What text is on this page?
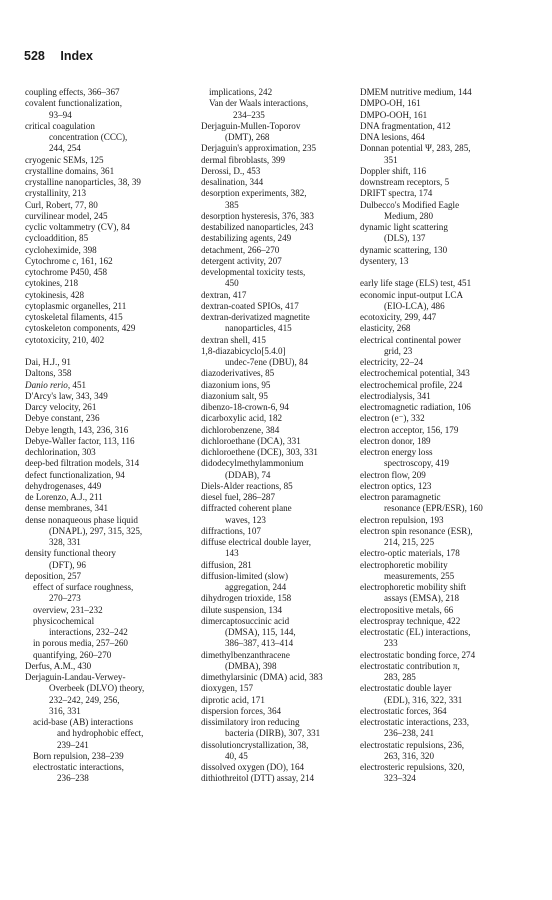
528 Index
coupling effects, 366–367
covalent functionalization,
93–94
critical coagulation
concentration (CCC),
244, 254
cryogenic SEMs, 125
crystalline domains, 361
crystalline nanoparticles, 38, 39
crystallinity, 213
Curl, Robert, 77, 80
curvilinear model, 245
cyclic voltammetry (CV), 84
cycloaddition, 85
cycloheximide, 398
Cytochrome c, 161, 162
cytochrome P450, 458
cytokines, 218
cytokinesis, 428
cytoplasmic organelles, 211
cytoskeletal filaments, 415
cytoskeleton components, 429
cytotoxicity, 210, 402
Dai, H.J., 91
Daltons, 358
Danio rerio, 451
D'Arcy's law, 343, 349
Darcy velocity, 261
Debye constant, 236
Debye length, 143, 236, 316
Debye-Waller factor, 113, 116
dechlorination, 303
deep-bed filtration models, 314
defect functionalization, 94
dehydrogenases, 449
de Lorenzo, A.J., 211
dense membranes, 341
dense nonaqueous phase liquid
(DNAPL), 297, 315, 325,
328, 331
density functional theory
(DFT), 96
deposition, 257
effect of surface roughness,
270–273
overview, 231–232
physicochemical
interactions, 232–242
in porous media, 257–260
quantifying, 260–270
Derfus, A.M., 430
Derjaguin-Landau-Verwey-
Overbeek (DLVO) theory,
232–242, 249, 256,
316, 331
acid-base (AB) interactions
and hydrophobic effect,
239–241
Born repulsion, 238–239
electrostatic interactions,
236–238
implications, 242
Van der Waals interactions,
234–235
Derjaguin-Mullen-Toporov
(DMT), 268
Derjaguin's approximation, 235
dermal fibroblasts, 399
Derossi, D., 453
desalination, 344
desorption experiments, 382,
385
desorption hysteresis, 376, 383
destabilized nanoparticles, 243
destabilizing agents, 249
detachment, 266–270
detergent activity, 207
developmental toxicity tests,
450
dextran, 417
dextran-coated SPIOs, 417
dextran-derivatized magnetite
nanoparticles, 415
dextran shell, 415
1,8-diazabicyclo[5.4.0]
undec-7ene (DBU), 84
diazoderivatives, 85
diazonium ions, 95
diazonium salt, 95
dibenzo-18-crown-6, 94
dicarboxylic acid, 182
dichlorobenzene, 384
dichloroethane (DCA), 331
dichloroethene (DCE), 303, 331
didodecylmethylammonium
(DDAB), 74
Diels-Alder reactions, 85
diesel fuel, 286–287
diffracted coherent plane
waves, 123
diffractions, 107
diffuse electrical double layer,
143
diffusion, 281
diffusion-limited (slow)
aggregation, 244
dihydrogen trioxide, 158
dilute suspension, 134
dimercaptosuccinic acid
(DMSA), 115, 144,
386–387, 413–414
dimethylbenzanthracene
(DMBA), 398
dimethylarsinic (DMA) acid, 383
dioxygen, 157
diprotic acid, 171
dispersion forces, 364
dissimilatory iron reducing
bacteria (DIRB), 307, 331
dissolutioncrystallization, 38,
40, 45
dissolved oxygen (DO), 164
dithiothreitol (DTT) assay, 214
DMEM nutritive medium, 144
DMPO-OH, 161
DMPO-OOH, 161
DNA fragmentation, 412
DNA lesions, 464
Donnan potential Ψ, 283, 285,
351
Doppler shift, 116
downstream receptors, 5
DRIFT spectra, 174
Dulbecco's Modified Eagle
Medium, 280
dynamic light scattering
(DLS), 137
dynamic scattering, 130
dysentery, 13
early life stage (ELS) test, 451
economic input-output LCA
(EIO-LCA), 486
ecotoxicity, 299, 447
elasticity, 268
electrical continental power
grid, 23
electricity, 22–24
electrochemical potential, 343
electrochemical profile, 224
electrodialysis, 341
electromagnetic radiation, 106
electron (e⁻), 332
electron acceptor, 156, 179
electron donor, 189
electron energy loss
spectroscopy, 419
electron flow, 209
electron optics, 123
electron paramagnetic
resonance (EPR/ESR), 160
electron repulsion, 193
electron spin resonance (ESR),
214, 215, 225
electro-optic materials, 178
electrophoretic mobility
measurements, 255
electrophoretic mobility shift
assays (EMSA), 218
electropositive metals, 66
electrospray technique, 422
electrostatic (EL) interactions,
233
electrostatic bonding force, 274
electrostatic contribution π,
283, 285
electrostatic double layer
(EDL), 316, 322, 331
electrostatic forces, 364
electrostatic interactions, 233,
236–238, 241
electrostatic repulsions, 236,
263, 316, 320
electrosteric repulsions, 320,
323–324
